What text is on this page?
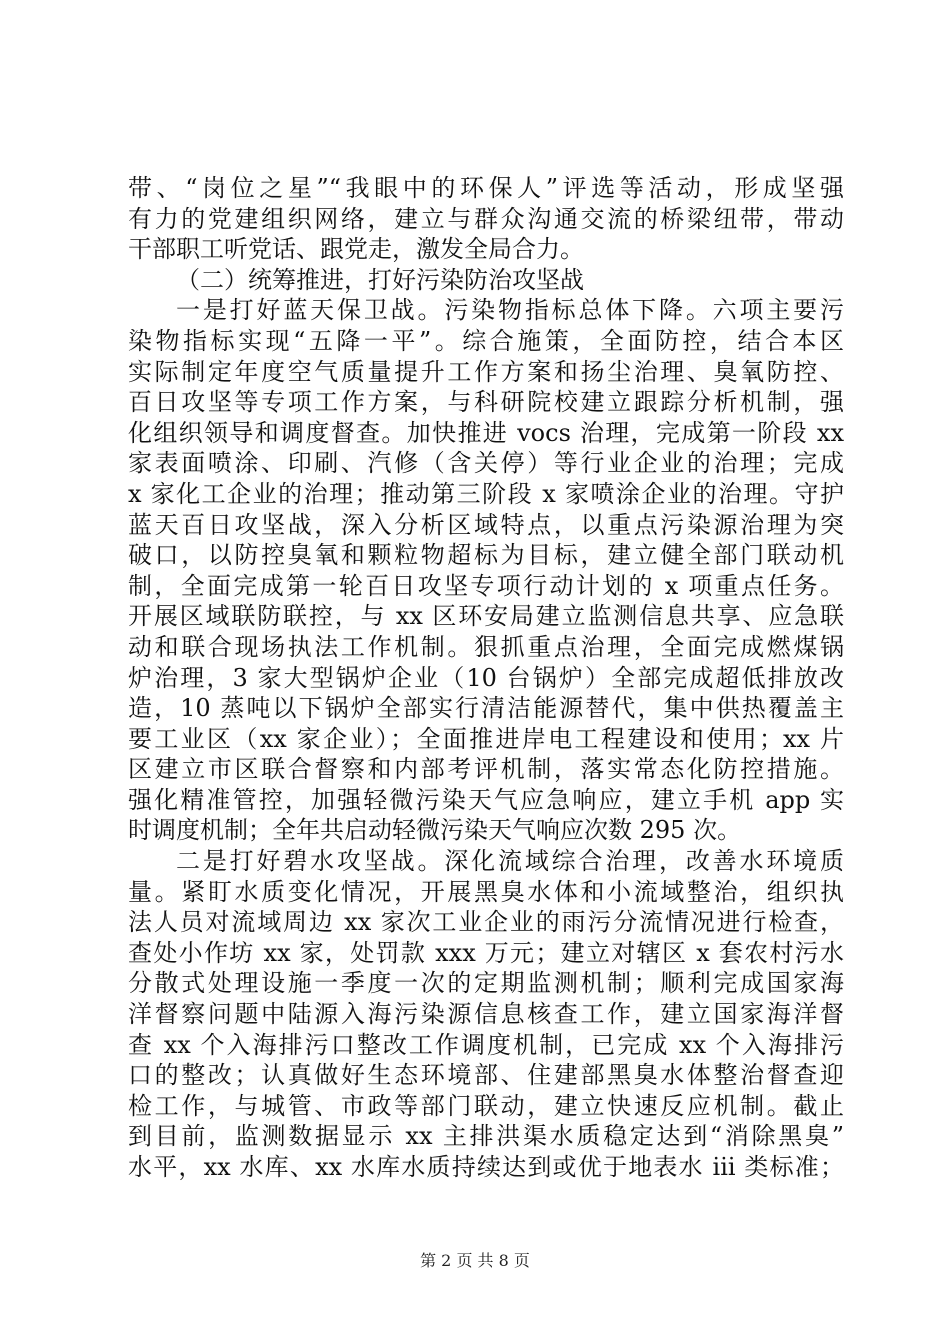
带、“岗位之星”“我眼中的环保人”评选等活动，形成坚强
有力的党建组织网络，建立与群众沟通交流的桥梁纽带，带动
干部职工听党话、跟党走，激发全局合力。
（二）统筹推进，打好污染防治攻坚战
一是打好蓝天保卫战。污染物指标总体下降。六项主要污
染物指标实现“五降一平”。综合施策，全面防控，结合本区
实际制定年度空气质量提升工作方案和扬尘治理、臭氧防控、
百日攻坚等专项工作方案，与科研院校建立跟踪分析机制，强
化组织领导和调度督查。加快推进 vocs 治理，完成第一阶段 xx
家表面喷涂、印刷、汽修（含关停）等行业企业的治理；完成
x 家化工企业的治理；推动第三阶段 x 家喷涂企业的治理。守护
蓝天百日攻坚战，深入分析区域特点，以重点污染源治理为突
破口，以防控臭氧和颗粒物超标为目标，建立健全部门联动机
制，全面完成第一轮百日攻坚专项行动计划的 x 项重点任务。
开展区域联防联控，与 xx 区环安局建立监测信息共享、应急联
动和联合现场执法工作机制。狠抓重点治理，全面完成燃煤锅
炉治理，3 家大型锅炉企业（10 台锅炉）全部完成超低排放改
造，10 蒸吨以下锅炉全部实行清洁能源替代，集中供热覆盖主
要工业区（xx 家企业）；全面推进岸电工程建设和使用；xx 片
区建立市区联合督察和内部考评机制，落实常态化防控措施。
强化精准管控，加强轻微污染天气应急响应，建立手机 app 实
时调度机制；全年共启动轻微污染天气响应次数 295 次。
二是打好碧水攻坚战。深化流域综合治理，改善水环境质
量。紧盯水质变化情况，开展黑臭水体和小流域整治，组织执
法人员对流域周边 xx 家次工业企业的雨污分流情况进行检查，
查处小作坊 xx 家，处罚款 xxx 万元；建立对辖区 x 套农村污水
分散式处理设施一季度一次的定期监测机制；顺利完成国家海
洋督察问题中陆源入海污染源信息核查工作，建立国家海洋督
查 xx 个入海排污口整改工作调度机制，已完成 xx 个入海排污
口的整改；认真做好生态环境部、住建部黑臭水体整治督查迎
检工作，与城管、市政等部门联动，建立快速反应机制。截止
到目前，监测数据显示 xx 主排洪渠水质稳定达到“消除黑臭”
水平，xx 水库、xx 水库水质持续达到或优于地表水 iii 类标准；
第 2 页 共 8 页
